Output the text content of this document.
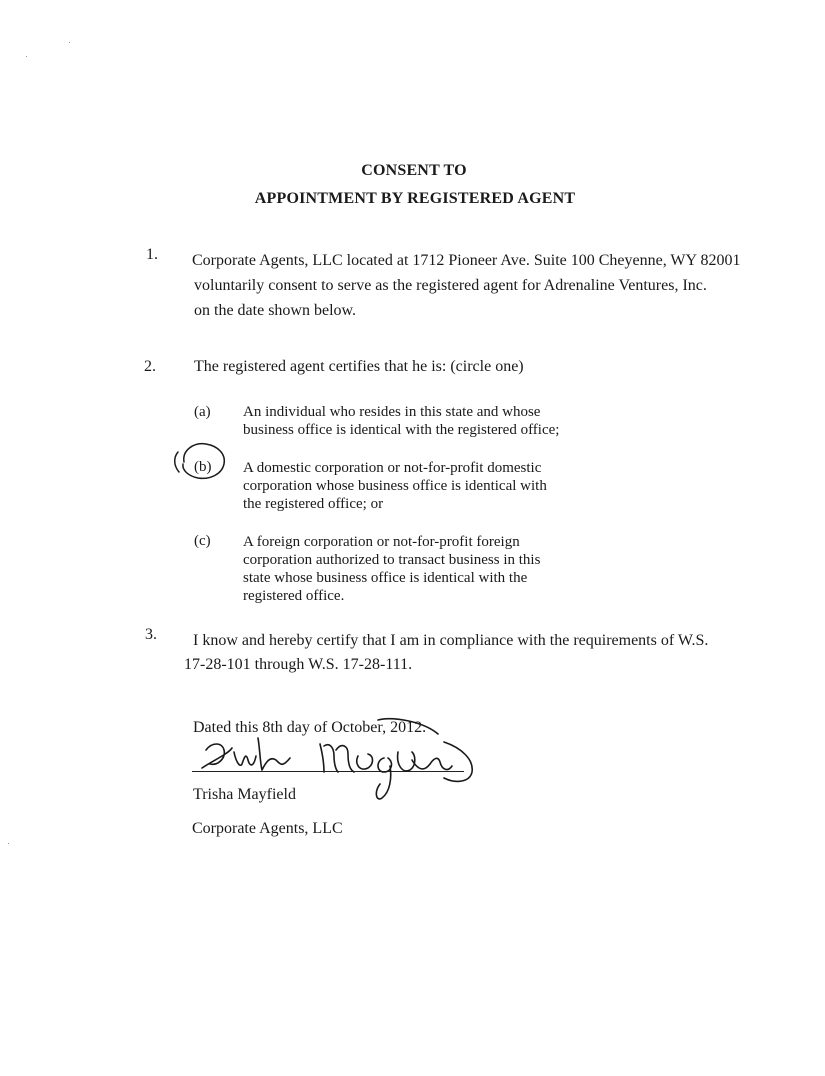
CONSENT TO
APPOINTMENT BY REGISTERED AGENT
1. Corporate Agents, LLC located at 1712 Pioneer Ave. Suite 100 Cheyenne, WY 82001
voluntarily consent to serve as the registered agent for Adrenaline Ventures, Inc.
on the date shown below.
2. The registered agent certifies that he is: (circle one)
(a) An individual who resides in this state and whose
business office is identical with the registered office;
(b) A domestic corporation or not-for-profit domestic
corporation whose business office is identical with
the registered office; or
(c) A foreign corporation or not-for-profit foreign
corporation authorized to transact business in this
state whose business office is identical with the
registered office.
3. I know and hereby certify that I am in compliance with the requirements of W.S.
17-28-101 through W.S. 17-28-111.
Dated this 8th day of October, 2012.
Trisha Mayfield
Corporate Agents, LLC
